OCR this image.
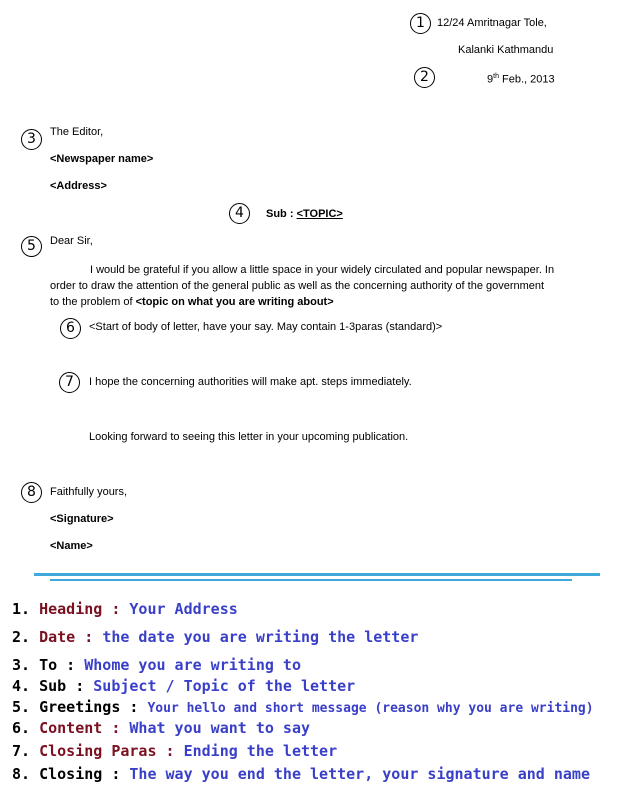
1
2
3
4
5
6
7
8
12/24 Amritnagar Tole,
Kalanki Kathmandu
9th Feb., 2013
The Editor,
<Newspaper name>
<Address>
Sub : <TOPIC>
Dear Sir,
I would be grateful if you allow a little space in your widely circulated and popular newspaper. In order to draw the attention of the general public as well as the concerning authority of the government to the problem of <topic on what you are writing about>
<Start of body of letter, have your say. May contain 1-3paras (standard)>
I hope the concerning authorities will make apt. steps immediately.
Looking forward to seeing this letter in your upcoming publication.
Faithfully yours,
<Signature>
<Name>
1. Heading : Your Address
2. Date : the date you are writing the letter
3. To : Whome you are writing to
4. Sub : Subject / Topic of the letter
5. Greetings : Your hello and short message (reason why you are writing)
6. Content : What you want to say
7. Closing Paras : Ending the letter
8. Closing : The way you end the letter, your signature and name
